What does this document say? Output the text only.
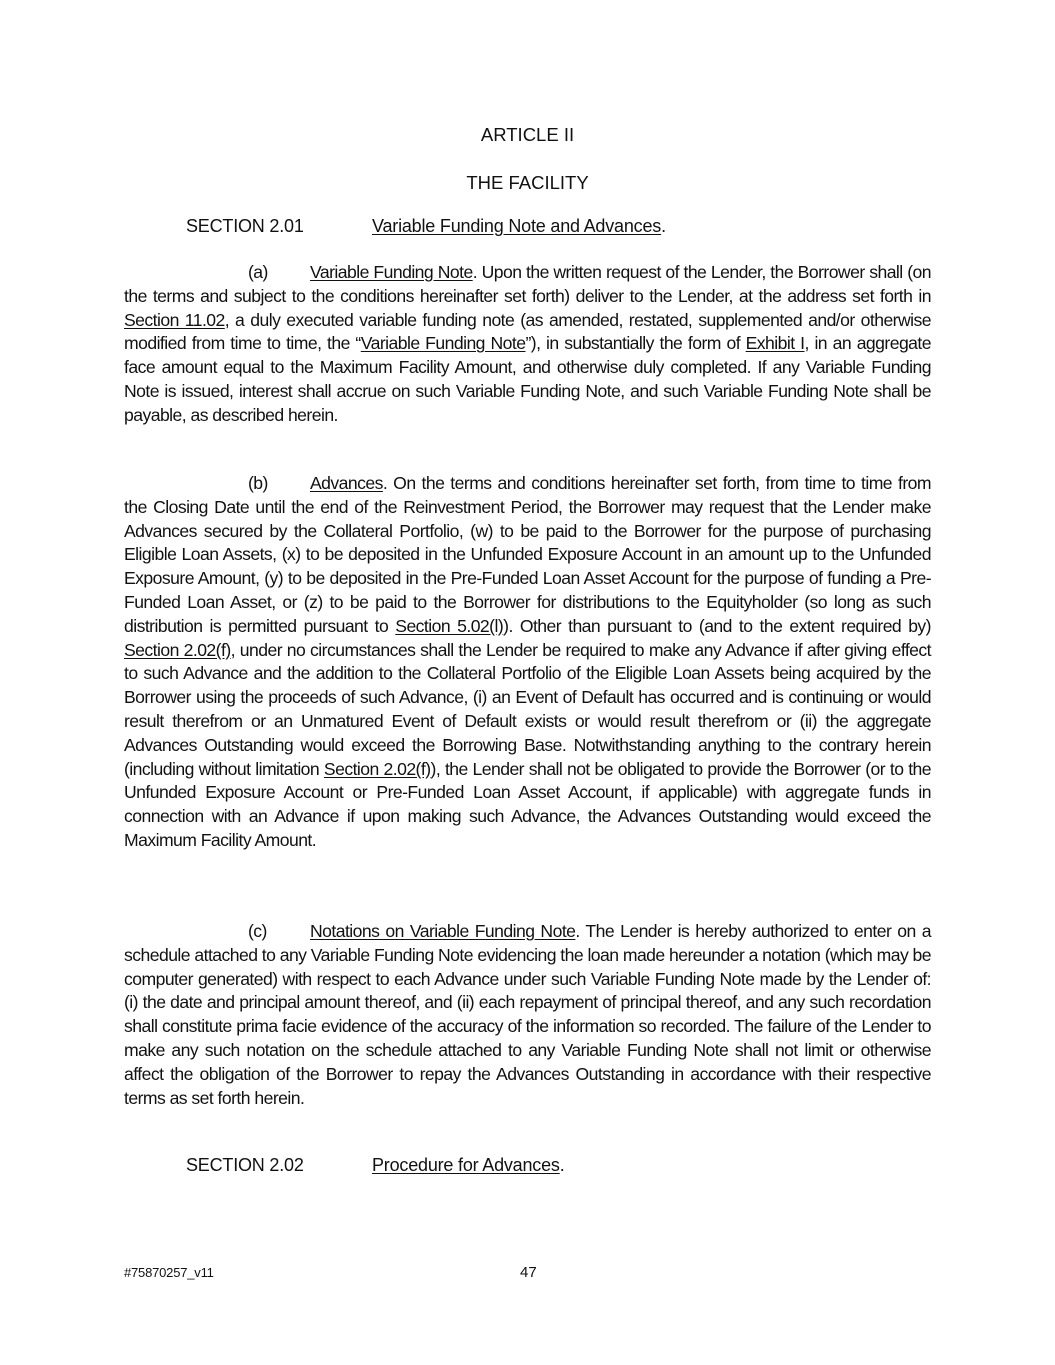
ARTICLE II
THE FACILITY
SECTION 2.01	Variable Funding Note and Advances.
(a) Variable Funding Note. Upon the written request of the Lender, the Borrower shall (on the terms and subject to the conditions hereinafter set forth) deliver to the Lender, at the address set forth in Section 11.02, a duly executed variable funding note (as amended, restated, supplemented and/or otherwise modified from time to time, the “Variable Funding Note”), in substantially the form of Exhibit I, in an aggregate face amount equal to the Maximum Facility Amount, and otherwise duly completed. If any Variable Funding Note is issued, interest shall accrue on such Variable Funding Note, and such Variable Funding Note shall be payable, as described herein.
(b) Advances. On the terms and conditions hereinafter set forth, from time to time from the Closing Date until the end of the Reinvestment Period, the Borrower may request that the Lender make Advances secured by the Collateral Portfolio, (w) to be paid to the Borrower for the purpose of purchasing Eligible Loan Assets, (x) to be deposited in the Unfunded Exposure Account in an amount up to the Unfunded Exposure Amount, (y) to be deposited in the Pre-Funded Loan Asset Account for the purpose of funding a Pre-Funded Loan Asset, or (z) to be paid to the Borrower for distributions to the Equityholder (so long as such distribution is permitted pursuant to Section 5.02(l)). Other than pursuant to (and to the extent required by) Section 2.02(f), under no circumstances shall the Lender be required to make any Advance if after giving effect to such Advance and the addition to the Collateral Portfolio of the Eligible Loan Assets being acquired by the Borrower using the proceeds of such Advance, (i) an Event of Default has occurred and is continuing or would result therefrom or an Unmatured Event of Default exists or would result therefrom or (ii) the aggregate Advances Outstanding would exceed the Borrowing Base. Notwithstanding anything to the contrary herein (including without limitation Section 2.02(f)), the Lender shall not be obligated to provide the Borrower (or to the Unfunded Exposure Account or Pre-Funded Loan Asset Account, if applicable) with aggregate funds in connection with an Advance if upon making such Advance, the Advances Outstanding would exceed the Maximum Facility Amount.
(c) Notations on Variable Funding Note. The Lender is hereby authorized to enter on a schedule attached to any Variable Funding Note evidencing the loan made hereunder a notation (which may be computer generated) with respect to each Advance under such Variable Funding Note made by the Lender of: (i) the date and principal amount thereof, and (ii) each repayment of principal thereof, and any such recordation shall constitute prima facie evidence of the accuracy of the information so recorded. The failure of the Lender to make any such notation on the schedule attached to any Variable Funding Note shall not limit or otherwise affect the obligation of the Borrower to repay the Advances Outstanding in accordance with their respective terms as set forth herein.
SECTION 2.02	Procedure for Advances.
#75870257_v11	47
